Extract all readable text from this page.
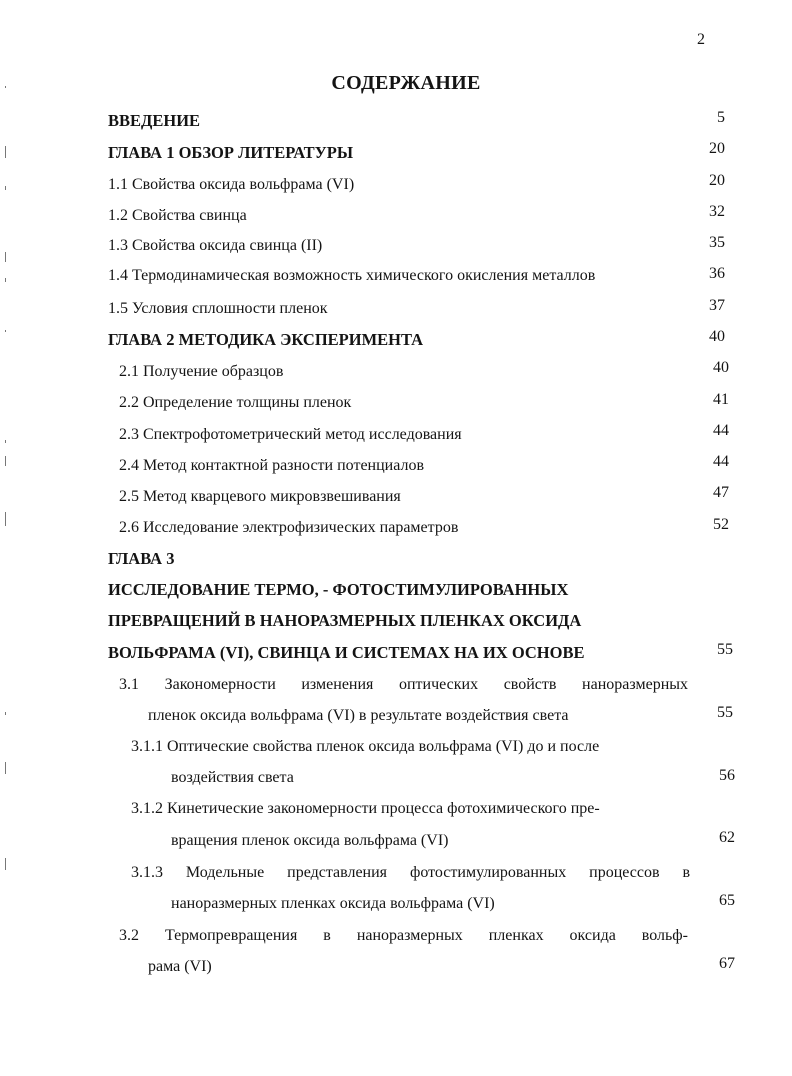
2
СОДЕРЖАНИЕ
ВВЕДЕНИЕ	5
ГЛАВА 1 ОБЗОР ЛИТЕРАТУРЫ	20
1.1 Свойства оксида вольфрама (VI)	20
1.2 Свойства свинца	32
1.3 Свойства оксида свинца (II)	35
1.4 Термодинамическая возможность химического окисления металлов	36
1.5 Условия сплошности пленок	37
ГЛАВА 2 МЕТОДИКА ЭКСПЕРИМЕНТА	40
2.1 Получение образцов	40
2.2 Определение толщины пленок	41
2.3 Спектрофотометрический метод исследования	44
2.4 Метод контактной разности потенциалов	44
2.5 Метод кварцевого микровзвешивания	47
2.6 Исследование электрофизических параметров	52
ГЛАВА 3
ИССЛЕДОВАНИЕ ТЕРМО, - ФОТОСТИМУЛИРОВАННЫХ
ПРЕВРАЩЕНИЙ В НАНОРАЗМЕРНЫХ ПЛЕНКАХ ОКСИДА
ВОЛЬФРАМА (VI), СВИНЦА И СИСТЕМАХ НА ИХ ОСНОВЕ	55
3.1 Закономерности изменения оптических свойств наноразмерных
пленок оксида вольфрама (VI) в результате воздействия света	55
3.1.1 Оптические свойства пленок оксида вольфрама (VI) до и после
воздействия света	56
3.1.2 Кинетические закономерности процесса фотохимического пре-
вращения пленок оксида вольфрама (VI)	62
3.1.3 Модельные представления фотостимулированных процессов в
наноразмерных пленках оксида вольфрама (VI)	65
3.2 Термопревращения в наноразмерных пленках оксида вольф-
рама (VI)	67
